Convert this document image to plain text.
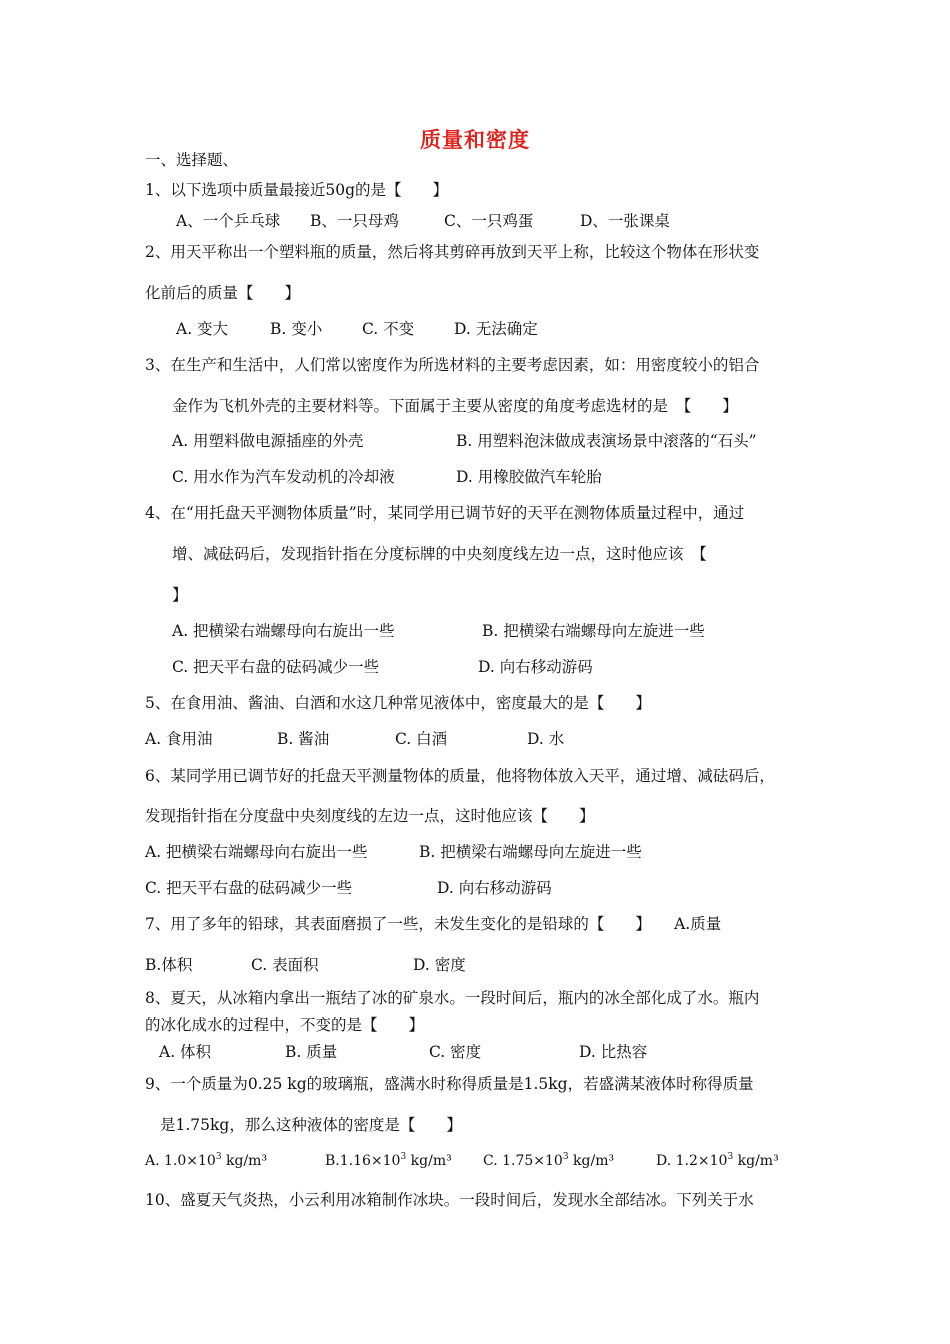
质量和密度
一、选择题、
1、以下选项中质量最接近50g的是【　　】
A、一个乒乓球 B、一只母鸡	C、一只鸡蛋	D、一张课桌
2、用天平称出一个塑料瓶的质量，然后将其剪碎再放到天平上称，比较这个物体在形状变
化前后的质量【　　】
A. 变大	B. 变小	C. 不变	D. 无法确定
3、在生产和生活中，人们常以密度作为所选材料的主要考虑因素，如：用密度较小的铝合
金作为飞机外壳的主要材料等。下面属于主要从密度的角度考虑选材的是　【　　】
A. 用塑料做电源插座的外壳	B. 用塑料泡沫做成表演场景中滚落的“石头”
C. 用水作为汽车发动机的冷却液	D. 用橡胶做汽车轮胎
4、在“用托盘天平测物体质量”时，某同学用已调节好的天平在测物体质量过程中，通过
增、减砝码后，发现指针指在分度标牌的中央刻度线左边一点，这时他应该　【
】
A. 把横梁右端螺母向右旋出一些	B. 把横梁右端螺母向左旋进一些
C. 把天平右盘的砝码减少一些	D. 向右移动游码
5、在食用油、酱油、白酒和水这几种常见液体中，密度最大的是【　　】
A. 食用油	B. 酱油	C. 白酒	D. 水
6、某同学用已调节好的托盘天平测量物体的质量，他将物体放入天平，通过增、减砝码后，
发现指针指在分度盘中央刻度线的左边一点，这时他应该【　　】
A. 把横梁右端螺母向右旋出一些	B. 把横梁右端螺母向左旋进一些
C. 把天平右盘的砝码减少一些	D. 向右移动游码
7、用了多年的铅球，其表面磨损了一些，未发生变化的是铅球的【　　】　　A.质量
B.体积	C. 表面积	D. 密度
8、夏天，从冰箱内拿出一瓶结了冰的矿泉水。一段时间后，瓶内的冰全部化成了水。瓶内
的冰化成水的过程中，不变的是【　　】
A. 体积	B. 质量	C. 密度	D. 比热容
9、一个质量为0.25 kg的玻璃瓶，盛满水时称得质量是1.5kg，若盛满某液体时称得质量
是1.75kg，那么这种液体的密度是【　　】
A. $1.0\times 10^3$ kg/m³	$B.1.16\times 10^3$ kg/m³ C. $1.75\times 10^3$ kg/m³	D. $1.2\times 10^3$ kg/m³
10、盛夏天气炎热，小云利用冰箱制作冰块。一段时间后，发现水全部结冰。下列关于水
